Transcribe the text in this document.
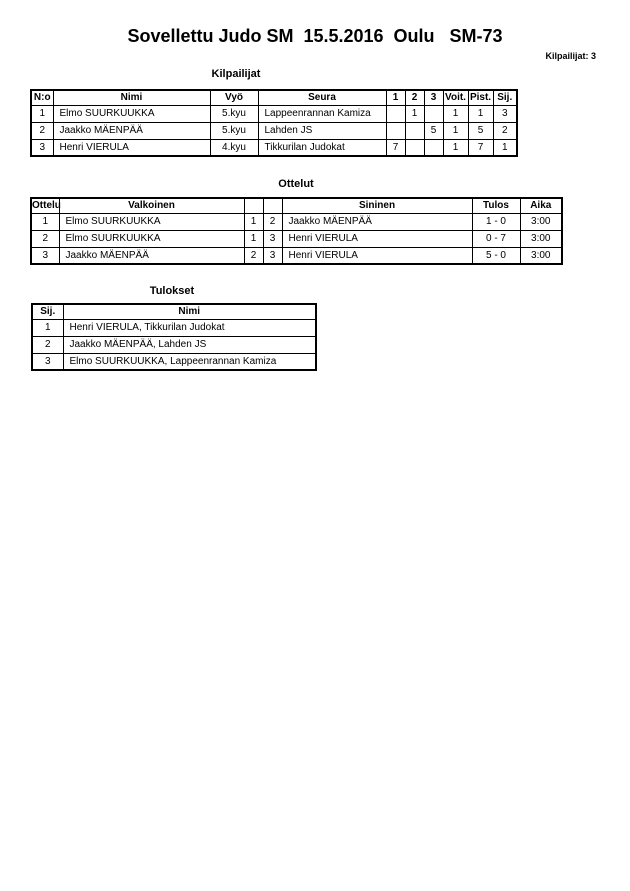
Sovellettu Judo SM  15.5.2016  Oulu   SM-73
Kilpailijat: 3
Kilpailijat
N:o	Nimi	Vyö	Seura	1	2	3	Voit.	Pist.	Sij.
1	Elmo SUURKUUKKA	5.kyu	Lappeenrannan Kamiza		1		1	1	3
2	Jaakko MÄENPÄÄ	5.kyu	Lahden JS			5	1	5	2
3	Henri VIERULA	4.kyu	Tikkurilan Judokat	7			1	7	1
Ottelut
Ottelu	Valkoinen			Sininen	Tulos	Aika
1	Elmo SUURKUUKKA	1	2	Jaakko MÄENPÄÄ	1 - 0	3:00
2	Elmo SUURKUUKKA	1	3	Henri VIERULA	0 - 7	3:00
3	Jaakko MÄENPÄÄ	2	3	Henri VIERULA	5 - 0	3:00
Tulokset
Sij.	Nimi
1	Henri VIERULA, Tikkurilan Judokat
2	Jaakko MÄENPÄÄ, Lahden JS
3	Elmo SUURKUUKKA, Lappeenrannan Kamiza
